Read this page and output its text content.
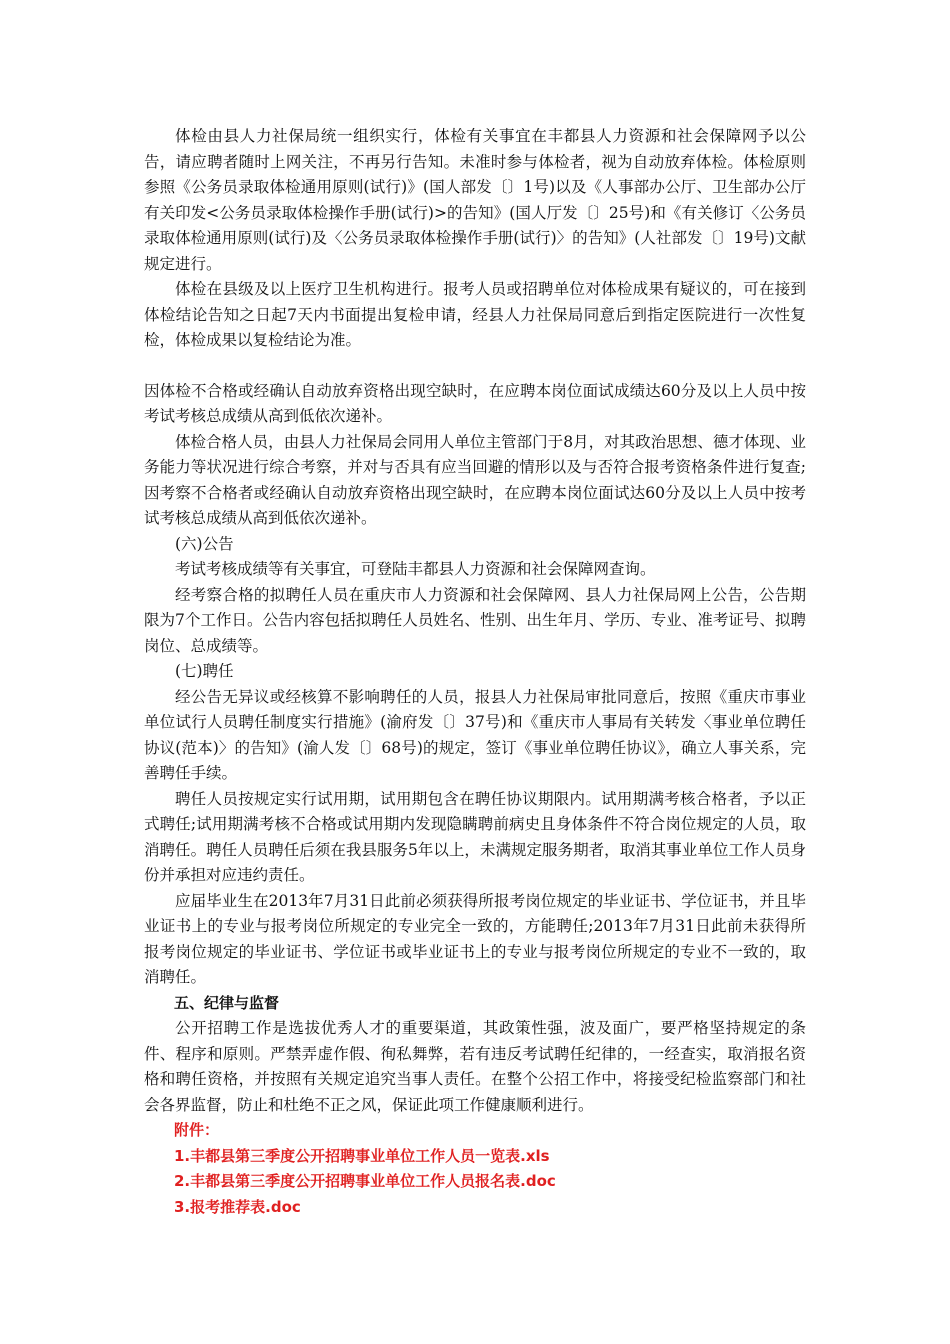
体检由县人力社保局统一组织实行，体检有关事宜在丰都县人力资源和社会保障网予以公告，请应聘者随时上网关注，不再另行告知。未准时参与体检者，视为自动放弃体检。体检原则参照《公务员录取体检通用原则(试行)》(国人部发〔〕1号)以及《人事部办公厅、卫生部办公厅有关印发<公务员录取体检操作手册(试行)>的告知》(国人厅发〔〕25号)和《有关修订〈公务员录取体检通用原则(试行)及〈公务员录取体检操作手册(试行)〉的告知》(人社部发〔〕19号)文献规定进行。

体检在县级及以上医疗卫生机构进行。报考人员或招聘单位对体检成果有疑议的，可在接到体检结论告知之日起7天内书面提出复检申请，经县人力社保局同意后到指定医院进行一次性复检，体检成果以复检结论为准。

因体检不合格或经确认自动放弃资格出现空缺时，在应聘本岗位面试成绩达60分及以上人员中按考试考核总成绩从高到低依次递补。

体检合格人员，由县人力社保局会同用人单位主管部门于8月，对其政治思想、德才体现、业务能力等状况进行综合考察，并对与否具有应当回避的情形以及与否符合报考资格条件进行复查;因考察不合格者或经确认自动放弃资格出现空缺时，在应聘本岗位面试达60分及以上人员中按考试考核总成绩从高到低依次递补。

(六)公告

考试考核成绩等有关事宜，可登陆丰都县人力资源和社会保障网查询。

经考察合格的拟聘任人员在重庆市人力资源和社会保障网、县人力社保局网上公告，公告期限为7个工作日。公告内容包括拟聘任人员姓名、性别、出生年月、学历、专业、准考证号、拟聘岗位、总成绩等。

(七)聘任

经公告无异议或经核算不影响聘任的人员，报县人力社保局审批同意后，按照《重庆市事业单位试行人员聘任制度实行措施》(渝府发〔〕37号)和《重庆市人事局有关转发〈事业单位聘任协议(范本)〉的告知》(渝人发〔〕68号)的规定，签订《事业单位聘任协议》，确立人事关系，完善聘任手续。

聘任人员按规定实行试用期，试用期包含在聘任协议期限内。试用期满考核合格者，予以正式聘任;试用期满考核不合格或试用期内发现隐瞒聘前病史且身体条件不符合岗位规定的人员，取消聘任。聘任人员聘任后须在我县服务5年以上，未满规定服务期者，取消其事业单位工作人员身份并承担对应违约责任。

应届毕业生在2013年7月31日此前必须获得所报考岗位规定的毕业证书、学位证书，并且毕业证书上的专业与报考岗位所规定的专业完全一致的，方能聘任;2013年7月31日此前未获得所报考岗位规定的毕业证书、学位证书或毕业证书上的专业与报考岗位所规定的专业不一致的，取消聘任。

五、纪律与监督

公开招聘工作是选拔优秀人才的重要渠道，其政策性强，波及面广，要严格坚持规定的条件、程序和原则。严禁弄虚作假、徇私舞弊，若有违反考试聘任纪律的，一经查实，取消报名资格和聘任资格，并按照有关规定追究当事人责任。在整个公招工作中，将接受纪检监察部门和社会各界监督，防止和杜绝不正之风，保证此项工作健康顺利进行。

附件：

1.丰都县第三季度公开招聘事业单位工作人员一览表.xls

2.丰都县第三季度公开招聘事业单位工作人员报名表.doc

3.报考推荐表.doc
